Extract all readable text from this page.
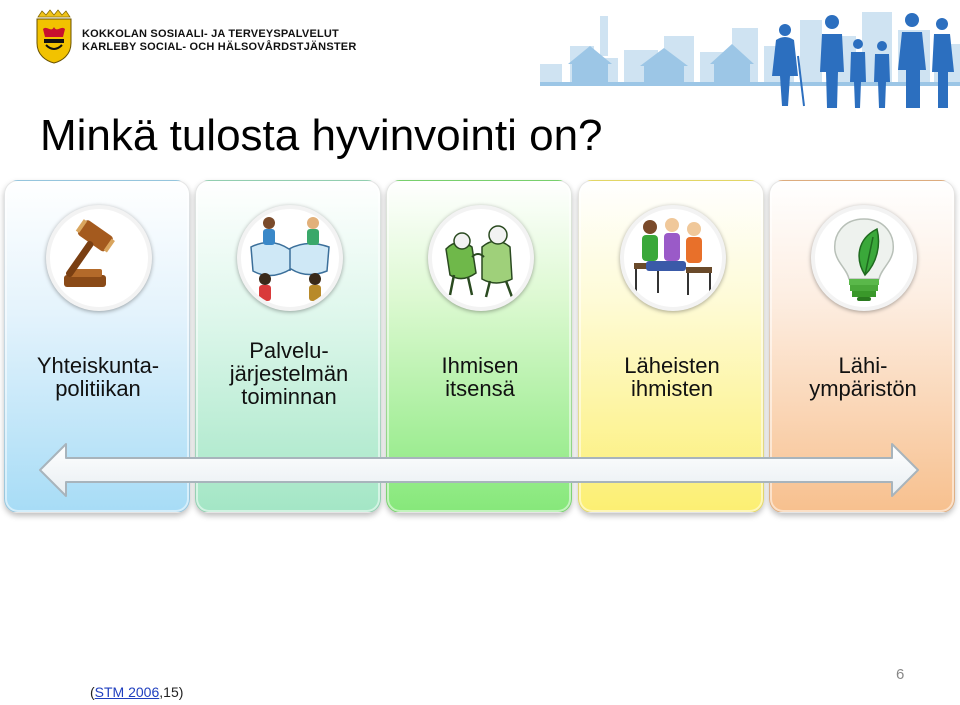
KOKKOLAN SOSIAALI- JA TERVEYSPALVELUT
KARLEBY SOCIAL- OCH HÄLSOVÅRDSTJÄNSTER
Minkä tulosta hyvinvointi on?
Yhteiskunta-
politiikan
Palvelu-
järjestelmän
toiminnan
Ihmisen
itsensä
Läheisten
ihmisten
Lähi-
ympäristön
(STM 2006,15)
6
